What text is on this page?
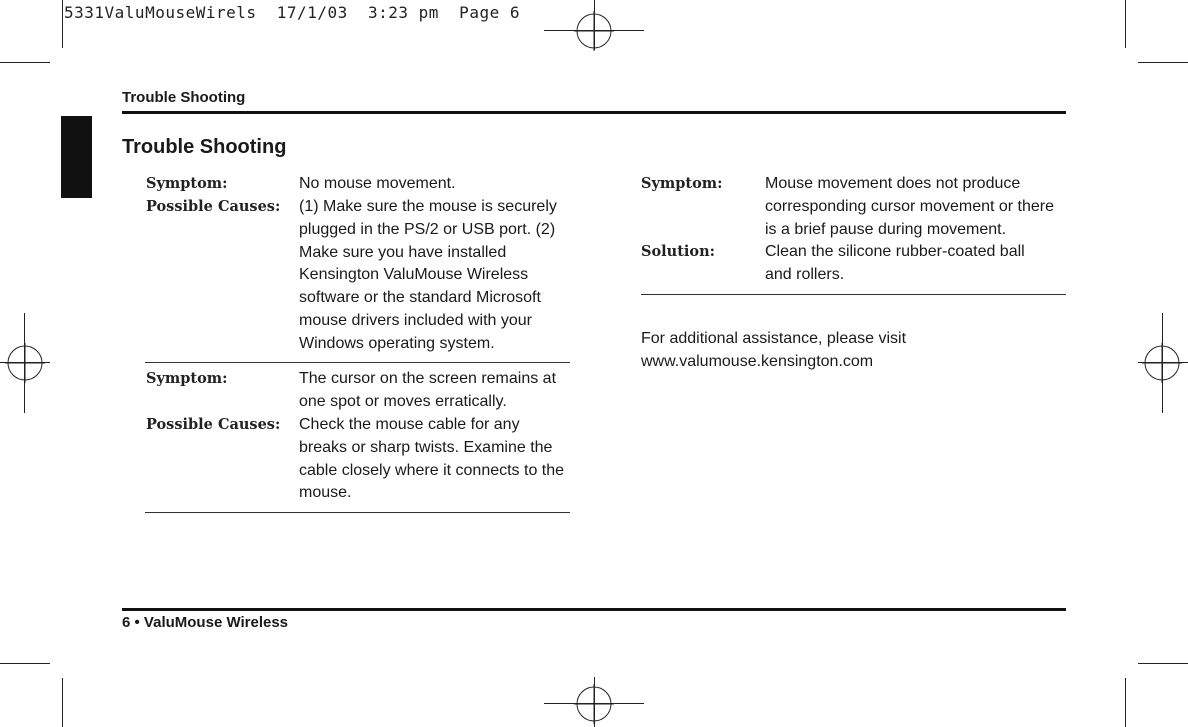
5331ValuMouseWirels  17/1/03  3:23 pm  Page 6
Trouble Shooting
Trouble Shooting
Symptom:	No mouse movement.
Possible Causes: (1) Make sure the mouse is securely plugged in the PS/2 or USB port. (2) Make sure you have installed Kensington ValuMouse Wireless software or the standard Microsoft mouse drivers included with your Windows operating system.
Symptom:	The cursor on the screen remains at one spot or moves erratically.
Possible Causes: Check the mouse cable for any breaks or sharp twists. Examine the cable closely where it connects to the mouse.
Symptom:	Mouse movement does not produce corresponding cursor movement or there is a brief pause during movement.
Solution:	Clean the silicone rubber-coated ball and rollers.
For additional assistance, please visit
www.valumouse.kensington.com
6 • ValuMouse Wireless
